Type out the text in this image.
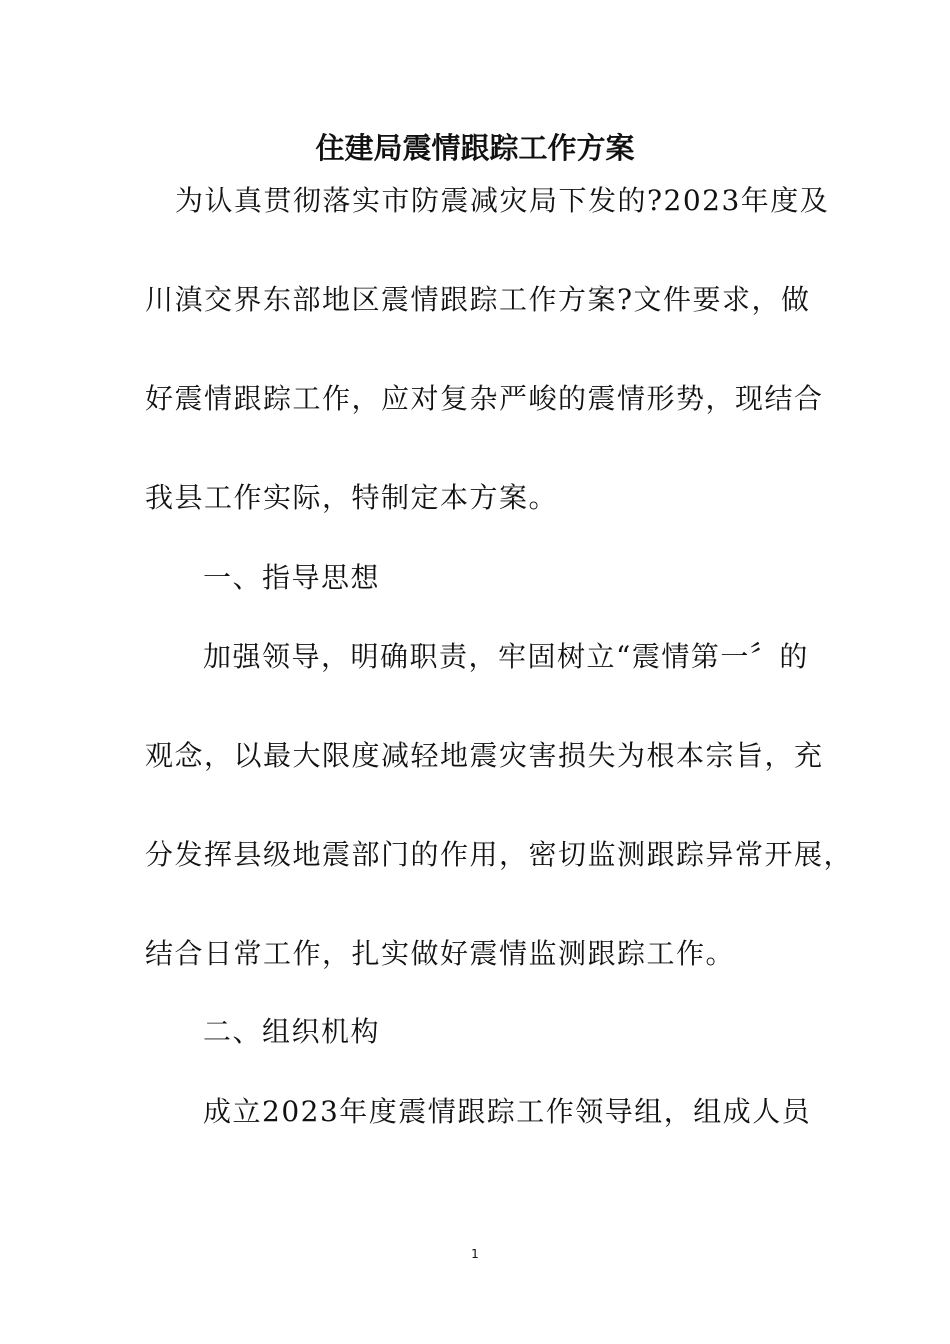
住建局震情跟踪工作方案

为认真贯彻落实市防震减灾局下发的?2023年度及

川滇交界东部地区震情跟踪工作方案?文件要求，做

好震情跟踪工作，应对复杂严峻的震情形势，现结合

我县工作实际，特制定本方案。

一、指导思想

加强领导，明确职责，牢固树立“震情第一〞的

观念，以最大限度减轻地震灾害损失为根本宗旨，充

分发挥县级地震部门的作用，密切监测跟踪异常开展，

结合日常工作，扎实做好震情监测跟踪工作。

二、组织机构

成立2023年度震情跟踪工作领导组，组成人员

1
